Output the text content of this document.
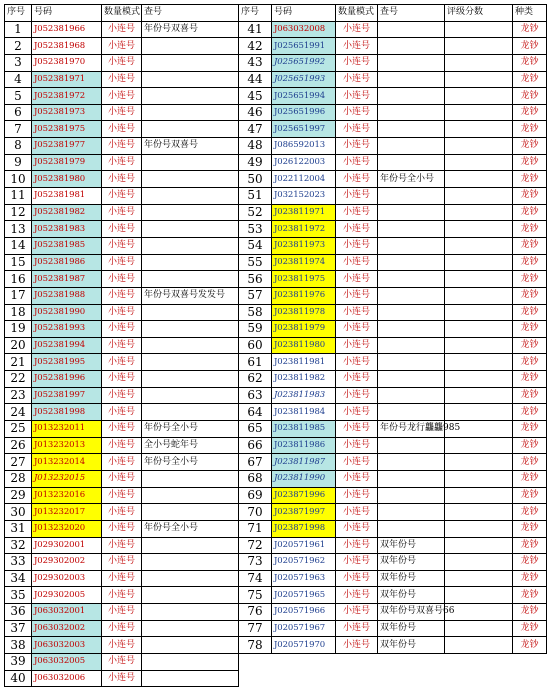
序号	号码	数量模式	查号
1	J052381966	小连号	年份号双喜号
2	J052381968	小连号	
3	J052381970	小连号	
4	J052381971	小连号	
5	J052381972	小连号	
6	J052381973	小连号	
7	J052381975	小连号	
8	J052381977	小连号	年份号双喜号
9	J052381979	小连号	
10	J052381980	小连号	
11	J052381981	小连号	
12	J052381982	小连号	
13	J052381983	小连号	
14	J052381985	小连号	
15	J052381986	小连号	
16	J052381987	小连号	
17	J052381988	小连号	年份号双喜号发发号
18	J052381990	小连号	
19	J052381993	小连号	
20	J052381994	小连号	
21	J052381995	小连号	
22	J052381996	小连号	
23	J052381997	小连号	
24	J052381998	小连号	
25	J013232011	小连号	年份号全小号
26	J013232013	小连号	全小号蛇年号
27	J013232014	小连号	年份号全小号
28	J013232015	小连号	
29	J013232016	小连号	
30	J013232017	小连号	
31	J013232020	小连号	年份号全小号
32	J029302001	小连号	
33	J029302002	小连号	
34	J029302003	小连号	
35	J029302005	小连号	
36	J063032001	小连号	
37	J063032002	小连号	
38	J063032003	小连号	
39	J063032005	小连号	
40	J063032006	小连号	
序号	号码	数量模式	查号	评级分数	种类
41	J063032008	小连号			龙钞
42	J025651991	小连号			龙钞
43	J025651992	小连号			龙钞
44	J025651993	小连号			龙钞
45	J025651994	小连号			龙钞
46	J025651996	小连号			龙钞
47	J025651997	小连号			龙钞
48	J086592013	小连号			龙钞
49	J026122003	小连号			龙钞
50	J022112004	小连号	年份号全小号		龙钞
51	J032152023	小连号			龙钞
52	J023811971	小连号			龙钞
53	J023811972	小连号			龙钞
54	J023811973	小连号			龙钞
55	J023811974	小连号			龙钞
56	J023811975	小连号			龙钞
57	J023811976	小连号			龙钞
58	J023811978	小连号			龙钞
59	J023811979	小连号			龙钞
60	J023811980	小连号			龙钞
61	J023811981	小连号			龙钞
62	J023811982	小连号			龙钞
63	J023811983	小连号			龙钞
64	J023811984	小连号			龙钞
65	J023811985	小连号	年份号龙行龘龘985		龙钞
66	J023811986	小连号			龙钞
67	J023811987	小连号			龙钞
68	J023811990	小连号			龙钞
69	J023871996	小连号			龙钞
70	J023871997	小连号			龙钞
71	J023871998	小连号			龙钞
72	J020571961	小连号	双年份号		龙钞
73	J020571962	小连号	双年份号		龙钞
74	J020571963	小连号	双年份号		龙钞
75	J020571965	小连号	双年份号		龙钞
76	J020571966	小连号	双年份号双喜号66		龙钞
77	J020571967	小连号	双年份号		龙钞
78	J020571970	小连号	双年份号		龙钞
